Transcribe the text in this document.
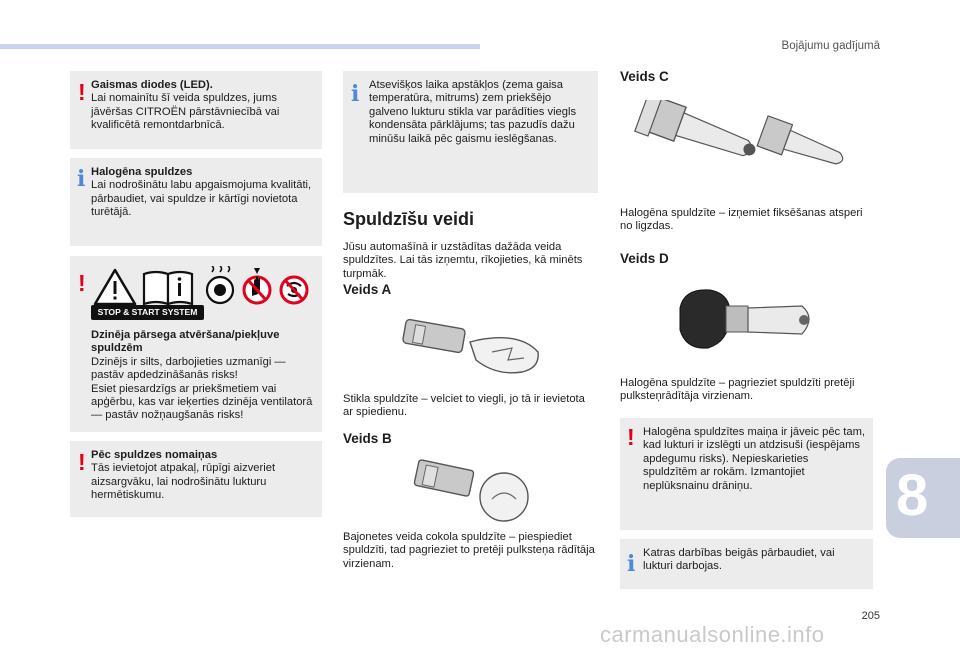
Bojājumu gadījumā
! Gaismas diodes (LED).
Lai nomainītu šī veida spuldzes, jums jāvēršas CITROËN pārstāvniecībā vai kvalificētā remontdarbnīcā.
i Halogēna spuldzes
Lai nodrošinātu labu apgaismojuma kvalitāti, pārbaudiet, vai spuldze ir kārtīgi novietota turētājā.
!
STOP & START SYSTEM
Dzinēja pārsega atvēršana/piekļuve spuldzēm
Dzinējs ir silts, darbojieties uzmanīgi — pastāv apdedzināšanās risks!
Esiet piesardzīgs ar priekšmetiem vai apģērbu, kas var ieķerties dzinēja ventilatorā — pastāv nožņaugšanās risks!
! Pēc spuldzes nomaiņas
Tās ievietojot atpakaļ, rūpīgi aizveriet aizsargvāku, lai nodrošinātu lukturu hermētiskumu.
i Atsevišķos laika apstākļos (zema gaisa temperatūra, mitrums) zem priekšējo galveno lukturu stikla var parādīties viegls kondensāta pārklājums; tas pazudīs dažu minūšu laikā pēc gaismu ieslēgšanas.
Spuldzīšu veidi
Jūsu automašīnā ir uzstādītas dažāda veida spuldzītes. Lai tās izņemtu, rīkojieties, kā minēts turpmāk.
Veids A
Stikla spuldzīte – velciet to viegli, jo tā ir ievietota ar spiedienu.
Veids B
Bajonetes veida cokola spuldzīte – piespiediet spuldzīti, tad pagrieziet to pretēji pulksteņa rādītāja virzienam.
Veids C
Halogēna spuldzīte – izņemiet fiksēšanas atsperi no ligzdas.
Veids D
Halogēna spuldzīte – pagrieziet spuldzīti pretēji pulksteņrādītāja virzienam.
! Halogēna spuldzītes maiņa ir jāveic pēc tam, kad lukturi ir izslēgti un atdzisuši (iespējams apdegumu risks). Nepieskarieties spuldzītēm ar rokām. Izmantojiet neplūksnainu drāniņu.
i Katras darbības beigās pārbaudiet, vai lukturi darbojas.
8
205
carmanualsonline.info
